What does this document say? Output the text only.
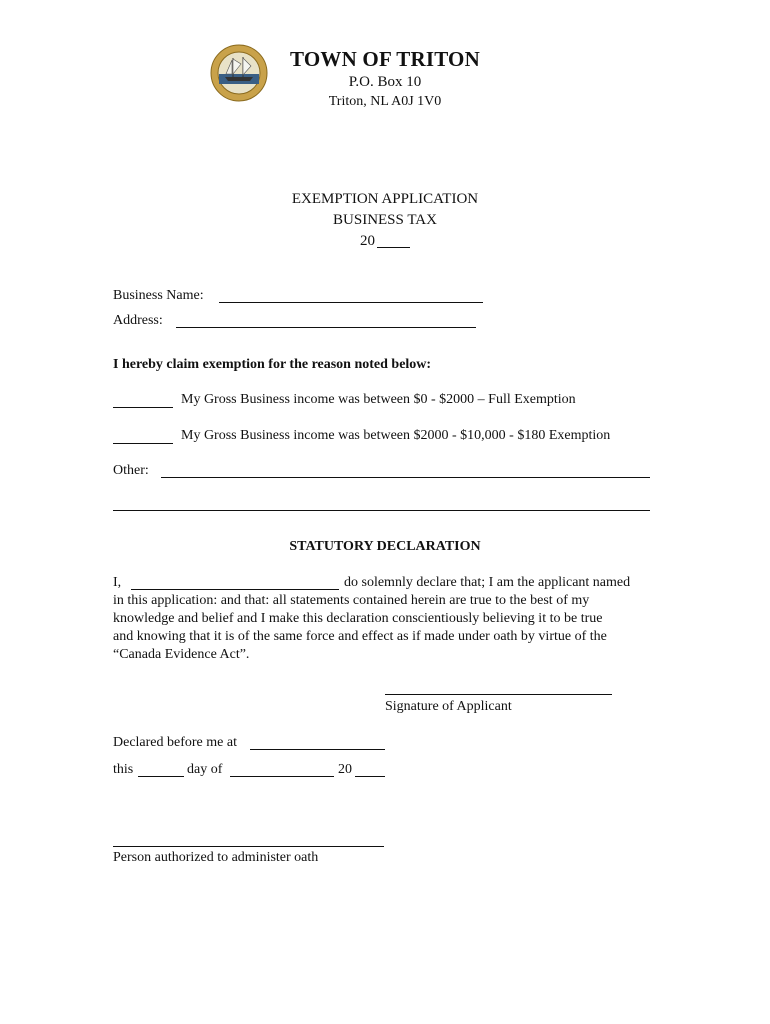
TOWN OF TRITON
P.O. Box 10
Triton, NL A0J 1V0
EXEMPTION APPLICATION
BUSINESS TAX
20
Business Name:
Address:
I hereby claim exemption for the reason noted below:
My Gross Business income was between $0 - $2000 – Full Exemption
My Gross Business income was between $2000 - $10,000 - $180 Exemption
Other:
STATUTORY DECLARATION
I,	do solemnly declare that; I am the applicant named
in this application: and that: all statements contained herein are true to the best of my
knowledge and belief and I make this declaration conscientiously believing it to be true
and knowing that it is of the same force and effect as if made under oath by virtue of the
“Canada Evidence Act”.
Signature of Applicant
Declared before me at
this	day of	20
Person authorized to administer oath
